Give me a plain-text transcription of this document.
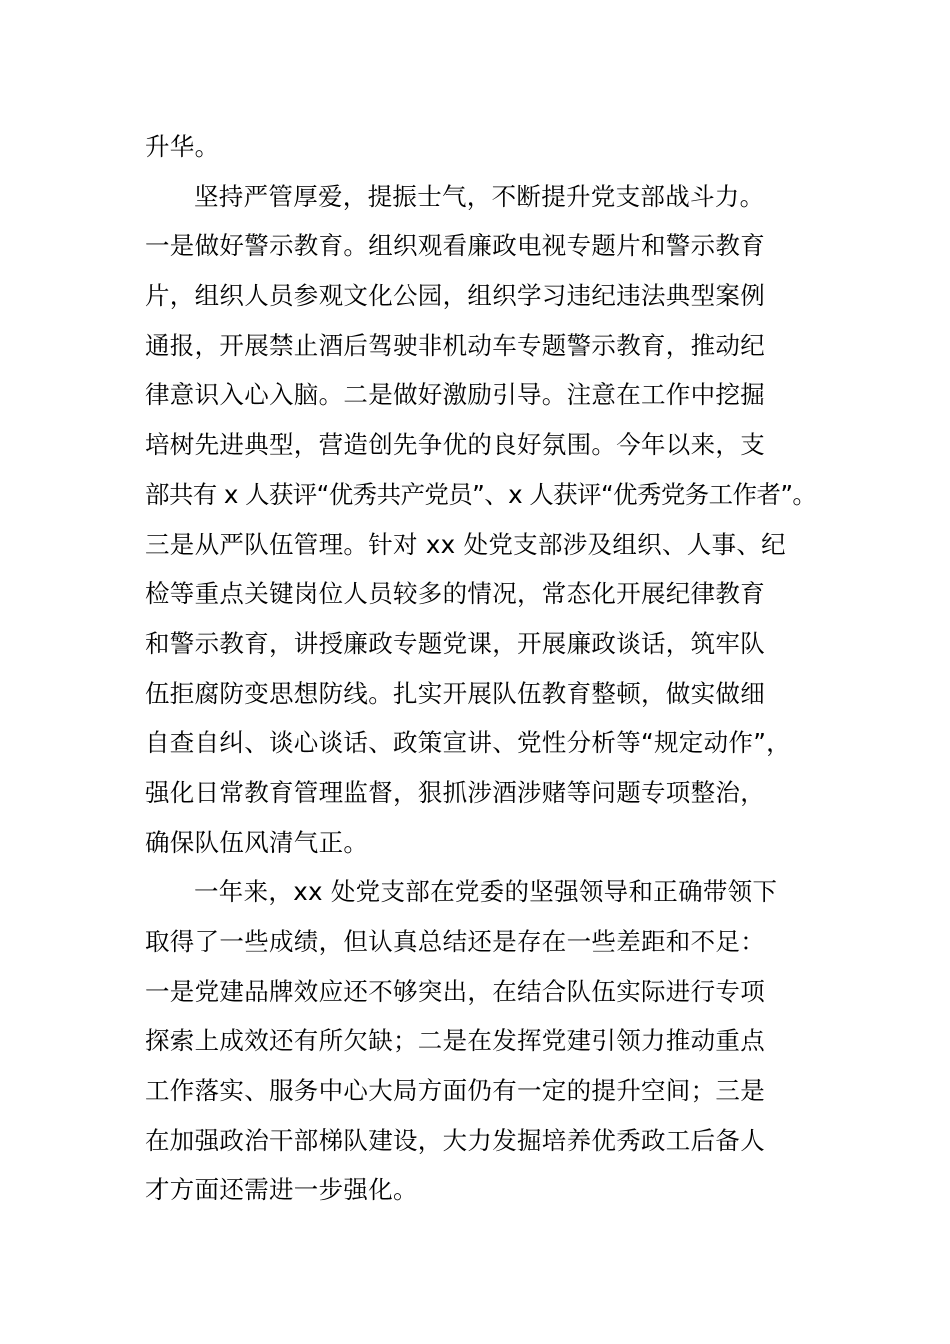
升华。

坚持严管厚爱，提振士气，不断提升党支部战斗力。
一是做好警示教育。组织观看廉政电视专题片和警示教育
片，组织人员参观文化公园，组织学习违纪违法典型案例
通报，开展禁止酒后驾驶非机动车专题警示教育，推动纪
律意识入心入脑。二是做好激励引导。注意在工作中挖掘
培树先进典型，营造创先争优的良好氛围。今年以来，支
部共有 x 人获评“优秀共产党员”、x 人获评“优秀党务工作者”。
三是从严队伍管理。针对 xx 处党支部涉及组织、人事、纪
检等重点关键岗位人员较多的情况，常态化开展纪律教育
和警示教育，讲授廉政专题党课，开展廉政谈话，筑牢队
伍拒腐防变思想防线。扎实开展队伍教育整顿，做实做细
自查自纠、谈心谈话、政策宣讲、党性分析等“规定动作”，
强化日常教育管理监督，狠抓涉酒涉赌等问题专项整治，
确保队伍风清气正。

一年来，xx 处党支部在党委的坚强领导和正确带领下
取得了一些成绩，但认真总结还是存在一些差距和不足：
一是党建品牌效应还不够突出，在结合队伍实际进行专项
探索上成效还有所欠缺；二是在发挥党建引领力推动重点
工作落实、服务中心大局方面仍有一定的提升空间；三是
在加强政治干部梯队建设，大力发掘培养优秀政工后备人
才方面还需进一步强化。
